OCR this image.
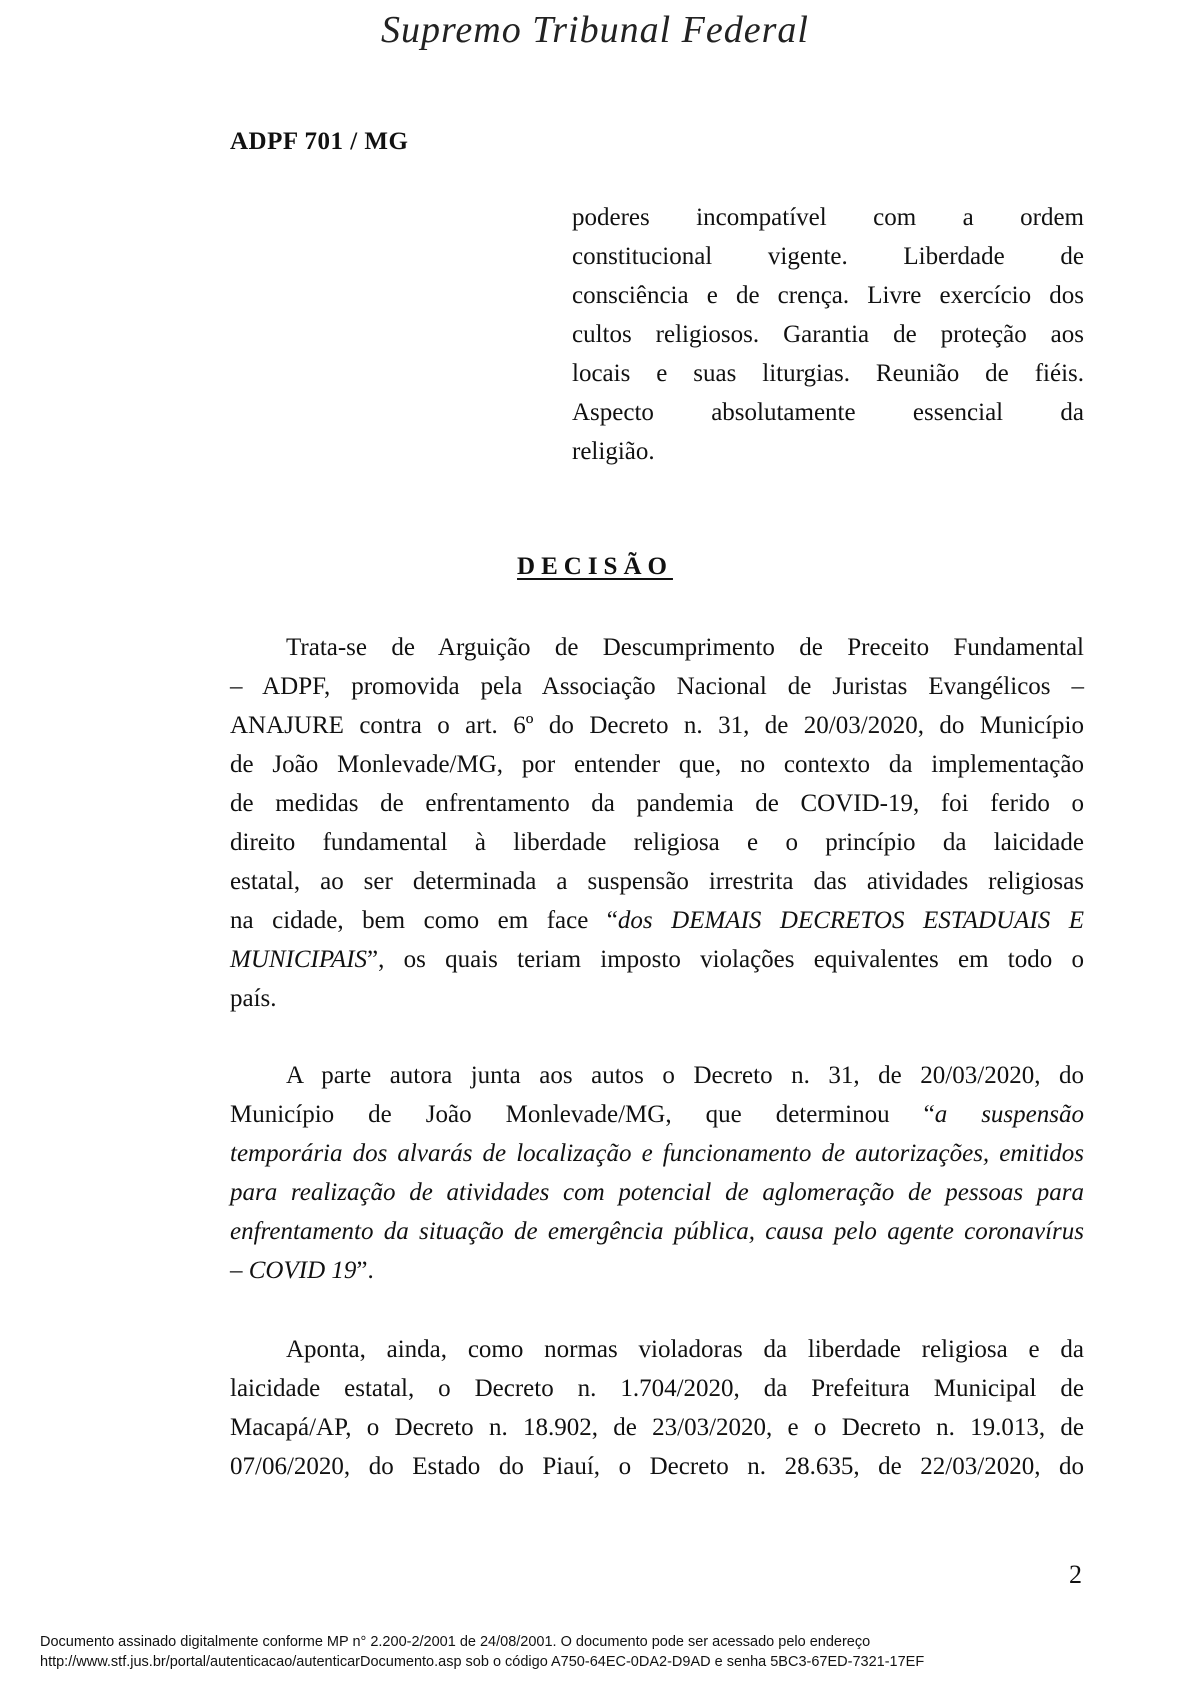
Supremo Tribunal Federal
ADPF 701 / MG
poderes incompatível com a ordem
constitucional vigente. Liberdade de
consciência e de crença. Livre exercício dos
cultos religiosos. Garantia de proteção aos
locais e suas liturgias. Reunião de fiéis.
Aspecto absolutamente essencial da
religião.
DECISÃO
Trata-se de Arguição de Descumprimento de Preceito Fundamental
– ADPF, promovida pela Associação Nacional de Juristas Evangélicos –
ANAJURE contra o art. 6º do Decreto n. 31, de 20/03/2020, do Município
de João Monlevade/MG, por entender que, no contexto da implementação
de medidas de enfrentamento da pandemia de COVID-19, foi ferido o
direito fundamental à liberdade religiosa e o princípio da laicidade
estatal, ao ser determinada a suspensão irrestrita das atividades religiosas
na cidade, bem como em face “dos DEMAIS DECRETOS ESTADUAIS E
MUNICIPAIS”, os quais teriam imposto violações equivalentes em todo o
país.
A parte autora junta aos autos o Decreto n. 31, de 20/03/2020, do
Município de João Monlevade/MG, que determinou “a suspensão
temporária dos alvarás de localização e funcionamento de autorizações, emitidos
para realização de atividades com potencial de aglomeração de pessoas para
enfrentamento da situação de emergência pública, causa pelo agente coronavírus
– COVID 19”.
Aponta, ainda, como normas violadoras da liberdade religiosa e da
laicidade estatal, o Decreto n. 1.704/2020, da Prefeitura Municipal de
Macapá/AP, o Decreto n. 18.902, de 23/03/2020, e o Decreto n. 19.013, de
07/06/2020, do Estado do Piauí, o Decreto n. 28.635, de 22/03/2020, do
2
Documento assinado digitalmente conforme MP n° 2.200-2/2001 de 24/08/2001. O documento pode ser acessado pelo endereço
http://www.stf.jus.br/portal/autenticacao/autenticarDocumento.asp sob o código A750-64EC-0DA2-D9AD e senha 5BC3-67ED-7321-17EF
